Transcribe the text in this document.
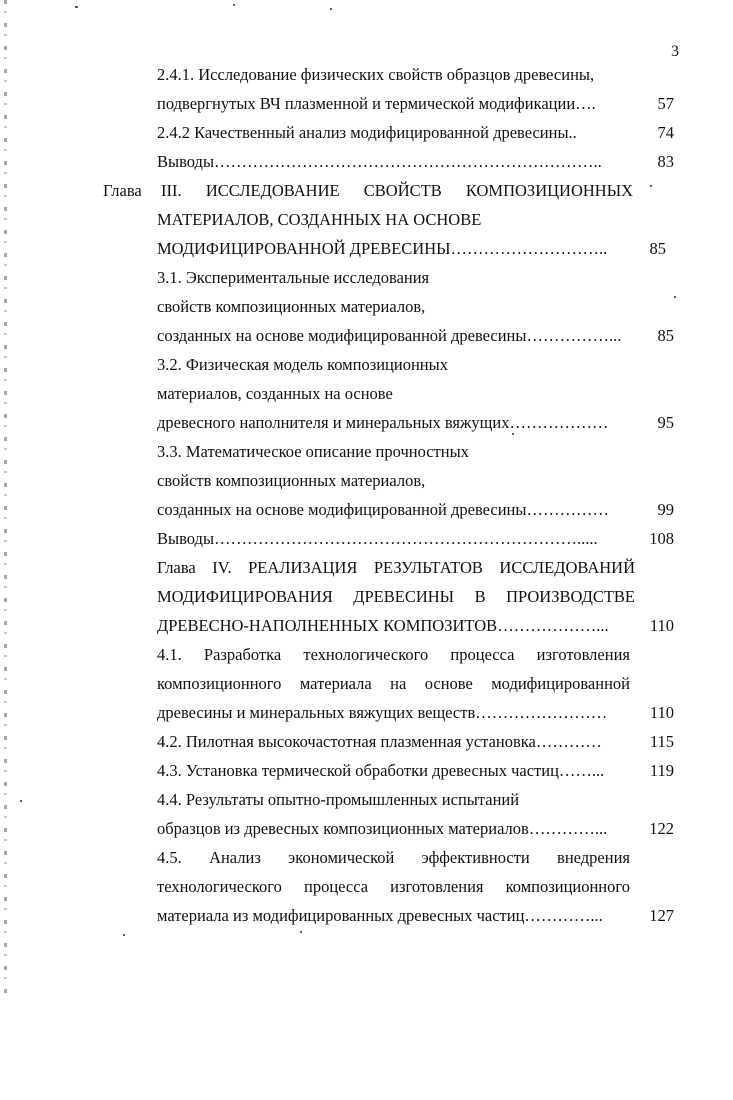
3
2.4.1. Исследование физических свойств образцов древесины,
подвергнутых ВЧ плазменной и термической модификации….	57
2.4.2 Качественный анализ модифицированной древесины..	74
Выводы……………………………………………………………..	83
Глава III. ИССЛЕДОВАНИЕ СВОЙСТВ КОМПОЗИЦИОННЫХ
МАТЕРИАЛОВ, СОЗДАННЫХ НА ОСНОВЕ
МОДИФИЦИРОВАННОЙ ДРЕВЕСИНЫ………………………..	85
3.1. Экспериментальные исследования
свойств композиционных материалов,
созданных на основе модифицированной древесины……………... 85
3.2. Физическая модель композиционных
материалов, созданных на основе
древесного наполнителя и минеральных вяжущих………………	95
3.3. Математическое описание прочностных
свойств композиционных материалов,
созданных на основе модифицированной древесины……………	99
Выводы………………………………………………………….....	108
Глава IV. РЕАЛИЗАЦИЯ РЕЗУЛЬТАТОВ ИССЛЕДОВАНИЙ
МОДИФИЦИРОВАНИЯ ДРЕВЕСИНЫ В ПРОИЗВОДСТВЕ
ДРЕВЕСНО-НАПОЛНЕННЫХ КОМПОЗИТОВ………………...	110
4.1. Разработка технологического процесса изготовления
композиционного материала на основе модифицированной
древесины и минеральных вяжущих веществ……………………	110
4.2. Пилотная высокочастотная плазменная установка…………	115
4.3. Установка термической обработки древесных частиц……...	119
4.4. Результаты опытно-промышленных испытаний
образцов из древесных композиционных материалов…………...	122
4.5. Анализ экономической эффективности внедрения
технологического процесса изготовления композиционного
материала из модифицированных древесных частиц…………...	127
